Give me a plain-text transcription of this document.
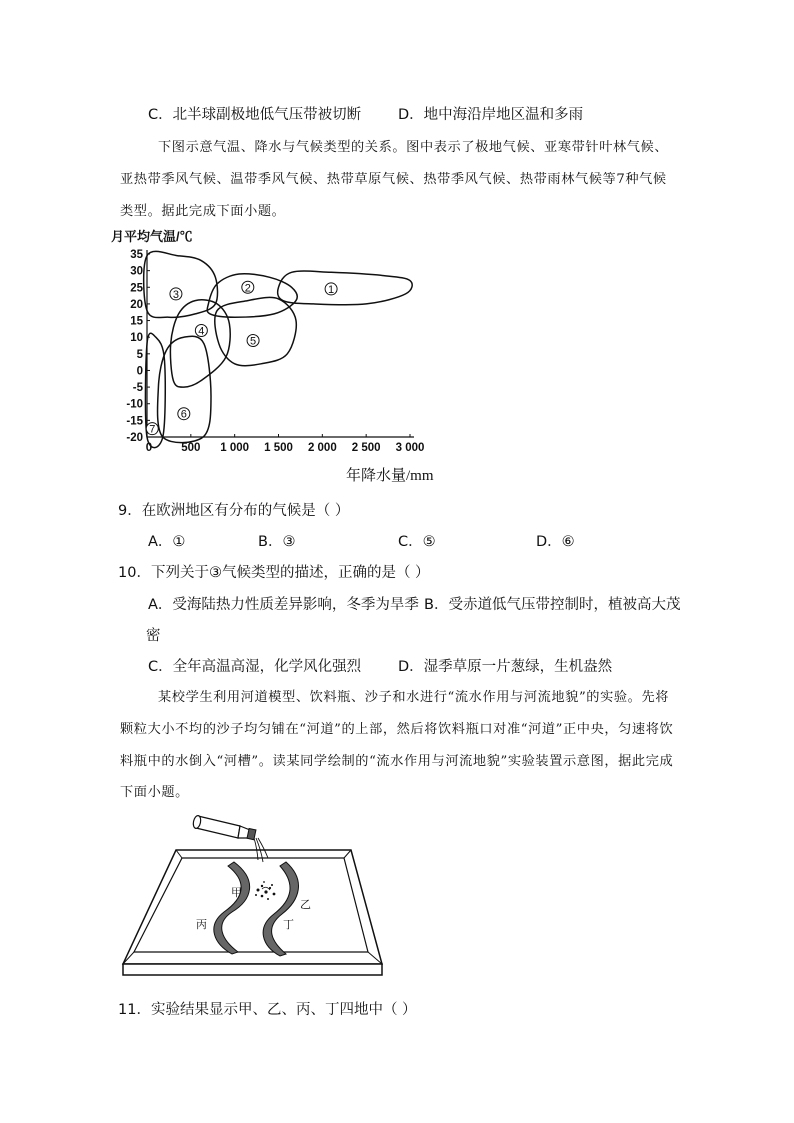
C．北半球副极地低气压带被切断	D．地中海沿岸地区温和多雨
下图示意气温、降水与气候类型的关系。图中表示了极地气候、亚寒带针叶林气候、
亚热带季风气候、温带季风气候、热带草原气候、热带季风气候、热带雨林气候等7种气候
类型。据此完成下面小题。
月平均气温/℃
年降水量/mm
35
30
25
20
15
10
5
0
-5
-10
-15
-20
0	500 1 000 1 500 2 000 2 500 3 000
1
2
3
4
5
6
7
9．在欧洲地区有分布的气候是（ ）
A．①	B．③	C．⑤	D．⑥
10．下列关于③气候类型的描述，正确的是（ ）
A．受海陆热力性质差异影响，冬季为旱季 B．受赤道低气压带控制时，植被高大茂
密
C．全年高温高湿，化学风化强烈	D．湿季草原一片葱绿，生机盎然
某校学生利用河道模型、饮料瓶、沙子和水进行“流水作用与河流地貌”的实验。先将
颗粒大小不均的沙子均匀铺在“河道”的上部，然后将饮料瓶口对准“河道”正中央，匀速将饮
料瓶中的水倒入“河槽”。读某同学绘制的“流水作用与河流地貌”实验装置示意图，据此完成
下面小题。
甲
乙
丙	丁
11．实验结果显示甲、乙、丙、丁四地中（ ）
